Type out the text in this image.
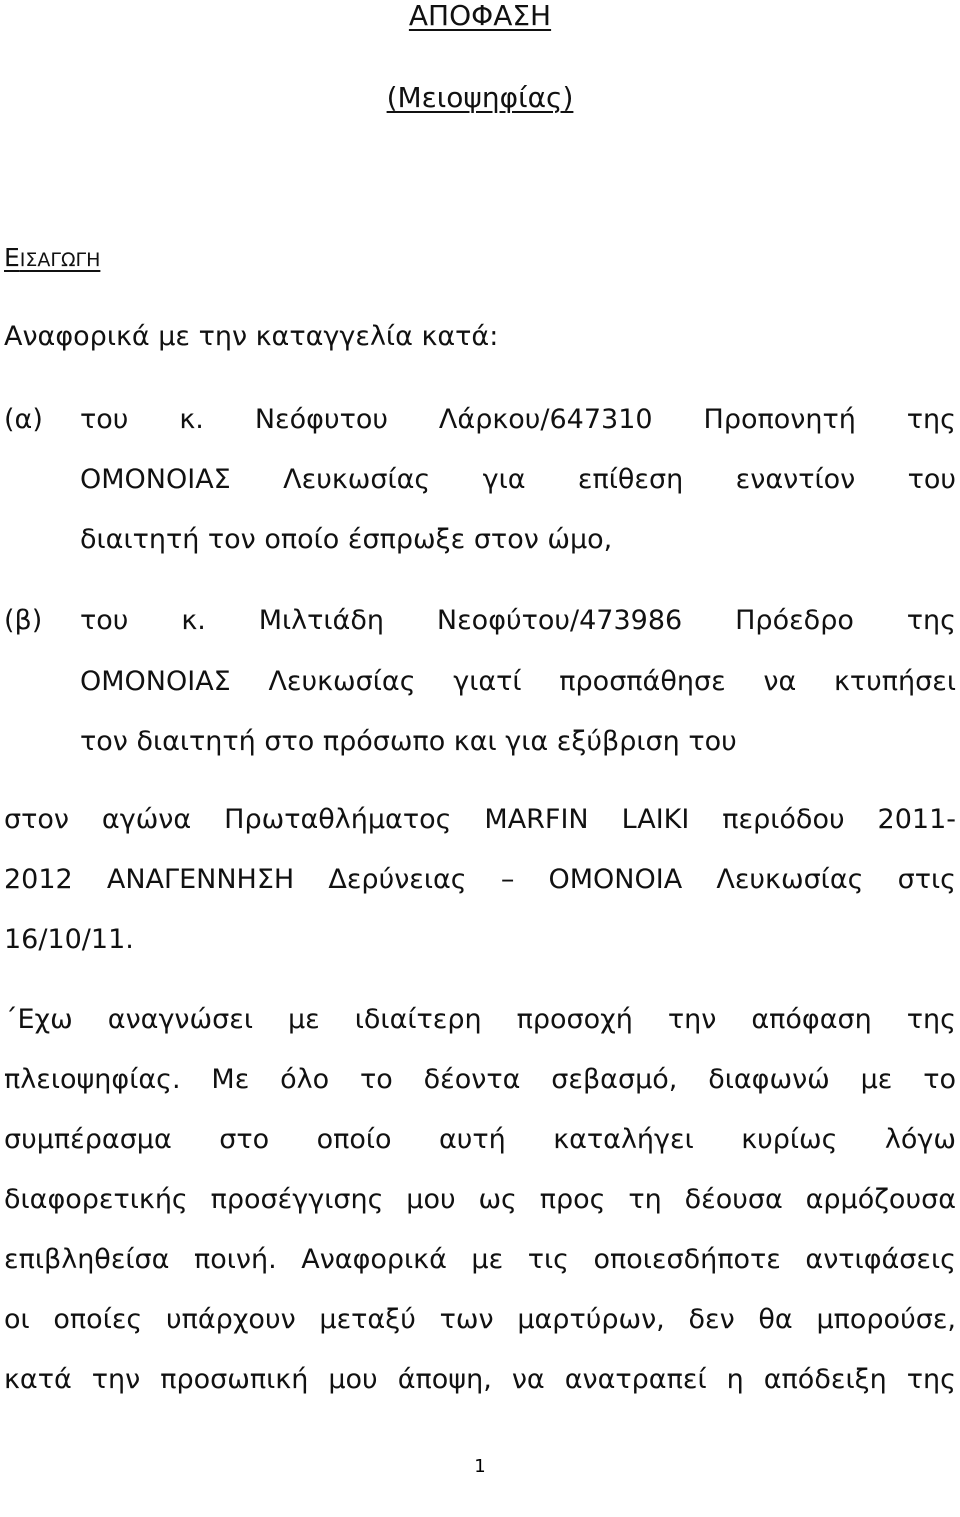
ΑΠΟΦΑΣΗ
(Μειοψηφίας)
ΕΙΣΑΓΩΓΗ
Αναφορικά με την καταγγελία κατά:
(α) του κ. Νεόφυτου Λάρκου/647310 Προπονητή της
ΟΜΟΝΟΙΑΣ Λευκωσίας για επίθεση εναντίον του
διαιτητή τον οποίο έσπρωξε στον ώμο,
(β) του κ. Μιλτιάδη Νεοφύτου/473986 Πρόεδρο της
ΟΜΟΝΟΙΑΣ Λευκωσίας γιατί προσπάθησε να κτυπήσει
τον διαιτητή στο πρόσωπο και για εξύβριση του
στον αγώνα Πρωταθλήματος MARFIN LAIKI περιόδου 2011-
2012 ΑΝΑΓΕΝΝΗΣΗ Δερύνειας – ΟΜΟΝΟΙΑ Λευκωσίας στις
16/10/11.
΄Εχω αναγνώσει με ιδιαίτερη προσοχή την απόφαση της
πλειοψηφίας. Με όλο το δέοντα σεβασμό, διαφωνώ με το
συμπέρασμα στο οποίο αυτή καταλήγει κυρίως λόγω
διαφορετικής προσέγγισης μου ως προς τη δέουσα αρμόζουσα
επιβληθείσα ποινή. Αναφορικά με τις οποιεσδήποτε αντιφάσεις
οι οποίες υπάρχουν μεταξύ των μαρτύρων, δεν θα μπορούσε,
κατά την προσωπική μου άποψη, να ανατραπεί η απόδειξη της
1
